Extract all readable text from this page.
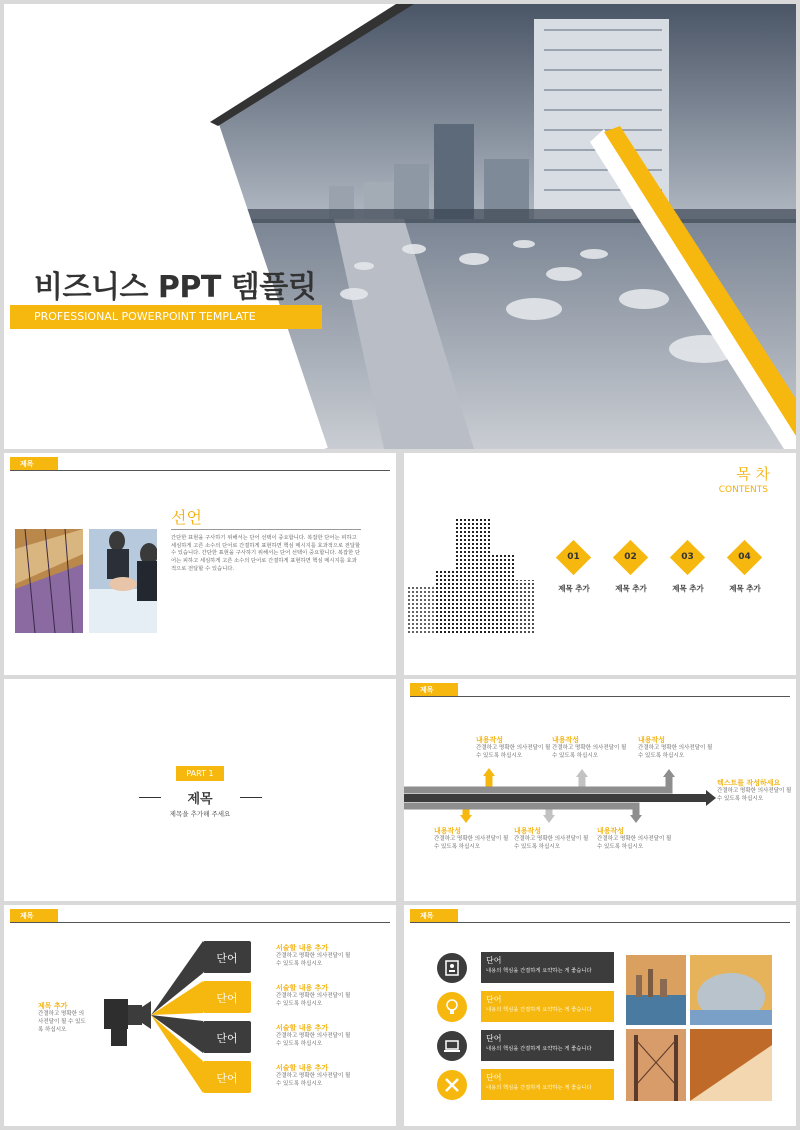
비즈니스 PPT 템플릿
PROFESSIONAL POWERPOINT TEMPLATE
제목
선언
간단한 표현을 구사하기 위해서는 단어 선택이 중요합니다. 복잡한 단어는 피하고 세심하게 고른 소수의 단어로 간결하게 표현하면 핵심 메시지를 효과적으로 전달할 수 있습니다. 간단한 표현을 구사하기 위해서는 단어 선택이 중요합니다. 복잡한 단어는 피하고 세심하게 고른 소수의 단어로 간결하게 표현하면 핵심 메시지를 효과적으로 전달할 수 있습니다.
목 차
CONTENTS
01
제목 추가
02
제목 추가
03
제목 추가
04
제목 추가
PART 1
제목
제목을 추가해 주세요
제목
내용작성
간결하고 명확한 의사전달이 될 수 있도록 하십시오
내용작성
간결하고 명확한 의사전달이 될 수 있도록 하십시오
내용작성
간결하고 명확한 의사전달이 될 수 있도록 하십시오
내용작성
간결하고 명확한 의사전달이 될 수 있도록 하십시오
내용작성
간결하고 명확한 의사전달이 될 수 있도록 하십시오
내용작성
간결하고 명확한 의사전달이 될 수 있도록 하십시오
텍스트를 작성하세요
간결하고 명확한 의사전달이 될 수 있도록 하십시오
제목
제목 추가
간결하고 명확한 의사전달이 될 수 있도록 하십시오
단어
단어
단어
단어
서술할 내용 추가
간결하고 명확한 의사전달이 될 수 있도록 하십시오
서술할 내용 추가
간결하고 명확한 의사전달이 될 수 있도록 하십시오
서술할 내용 추가
간결하고 명확한 의사전달이 될 수 있도록 하십시오
서술할 내용 추가
간결하고 명확한 의사전달이 될 수 있도록 하십시오
제목
단어
내용의 핵심을 간결하게 요약하는 게 좋습니다
단어
내용의 핵심을 간결하게 요약하는 게 좋습니다
단어
내용의 핵심을 간결하게 요약하는 게 좋습니다
단어
내용의 핵심을 간결하게 요약하는 게 좋습니다
